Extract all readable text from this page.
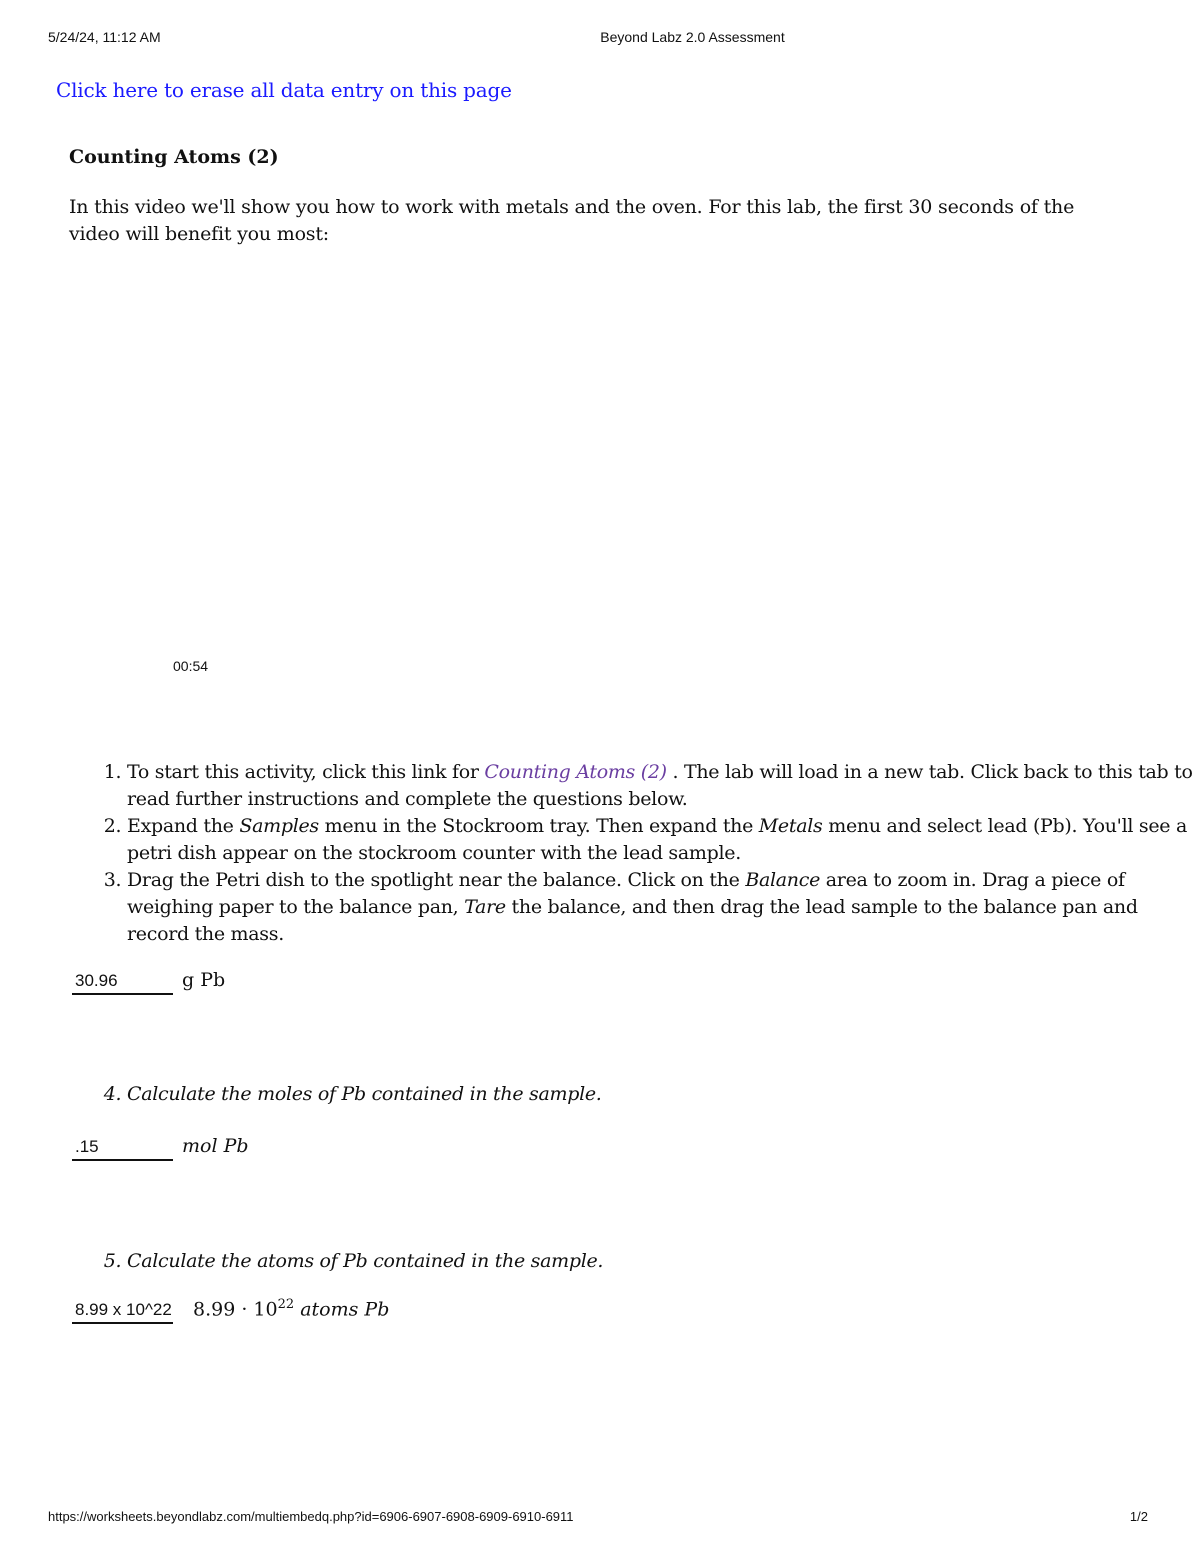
5/24/24, 11:12 AM	Beyond Labz 2.0 Assessment
Click here to erase all data entry on this page
Counting Atoms (2)

In this video we'll show you how to work with metals and the oven. For this lab, the first 30 seconds of the video will benefit you most:

00:54
1. To start this activity, click this link for Counting Atoms (2) . The lab will load in a new tab. Click back to this tab to read further instructions and complete the questions below.
2. Expand the Samples menu in the Stockroom tray. Then expand the Metals menu and select lead (Pb). You'll see a petri dish appear on the stockroom counter with the lead sample.
3. Drag the Petri dish to the spotlight near the balance. Click on the Balance area to zoom in. Drag a piece of weighing paper to the balance pan, Tare the balance, and then drag the lead sample to the balance pan and record the mass.
30.96
g Pb
4. Calculate the moles of Pb contained in the sample.
.15
mol Pb
5. Calculate the atoms of Pb contained in the sample.
8.99 x 10^22
$8.99 \cdot 10^{22}$ atoms Pb
https://worksheets.beyondlabz.com/multiembedq.php?id=6906-6907-6908-6909-6910-6911	1/2
